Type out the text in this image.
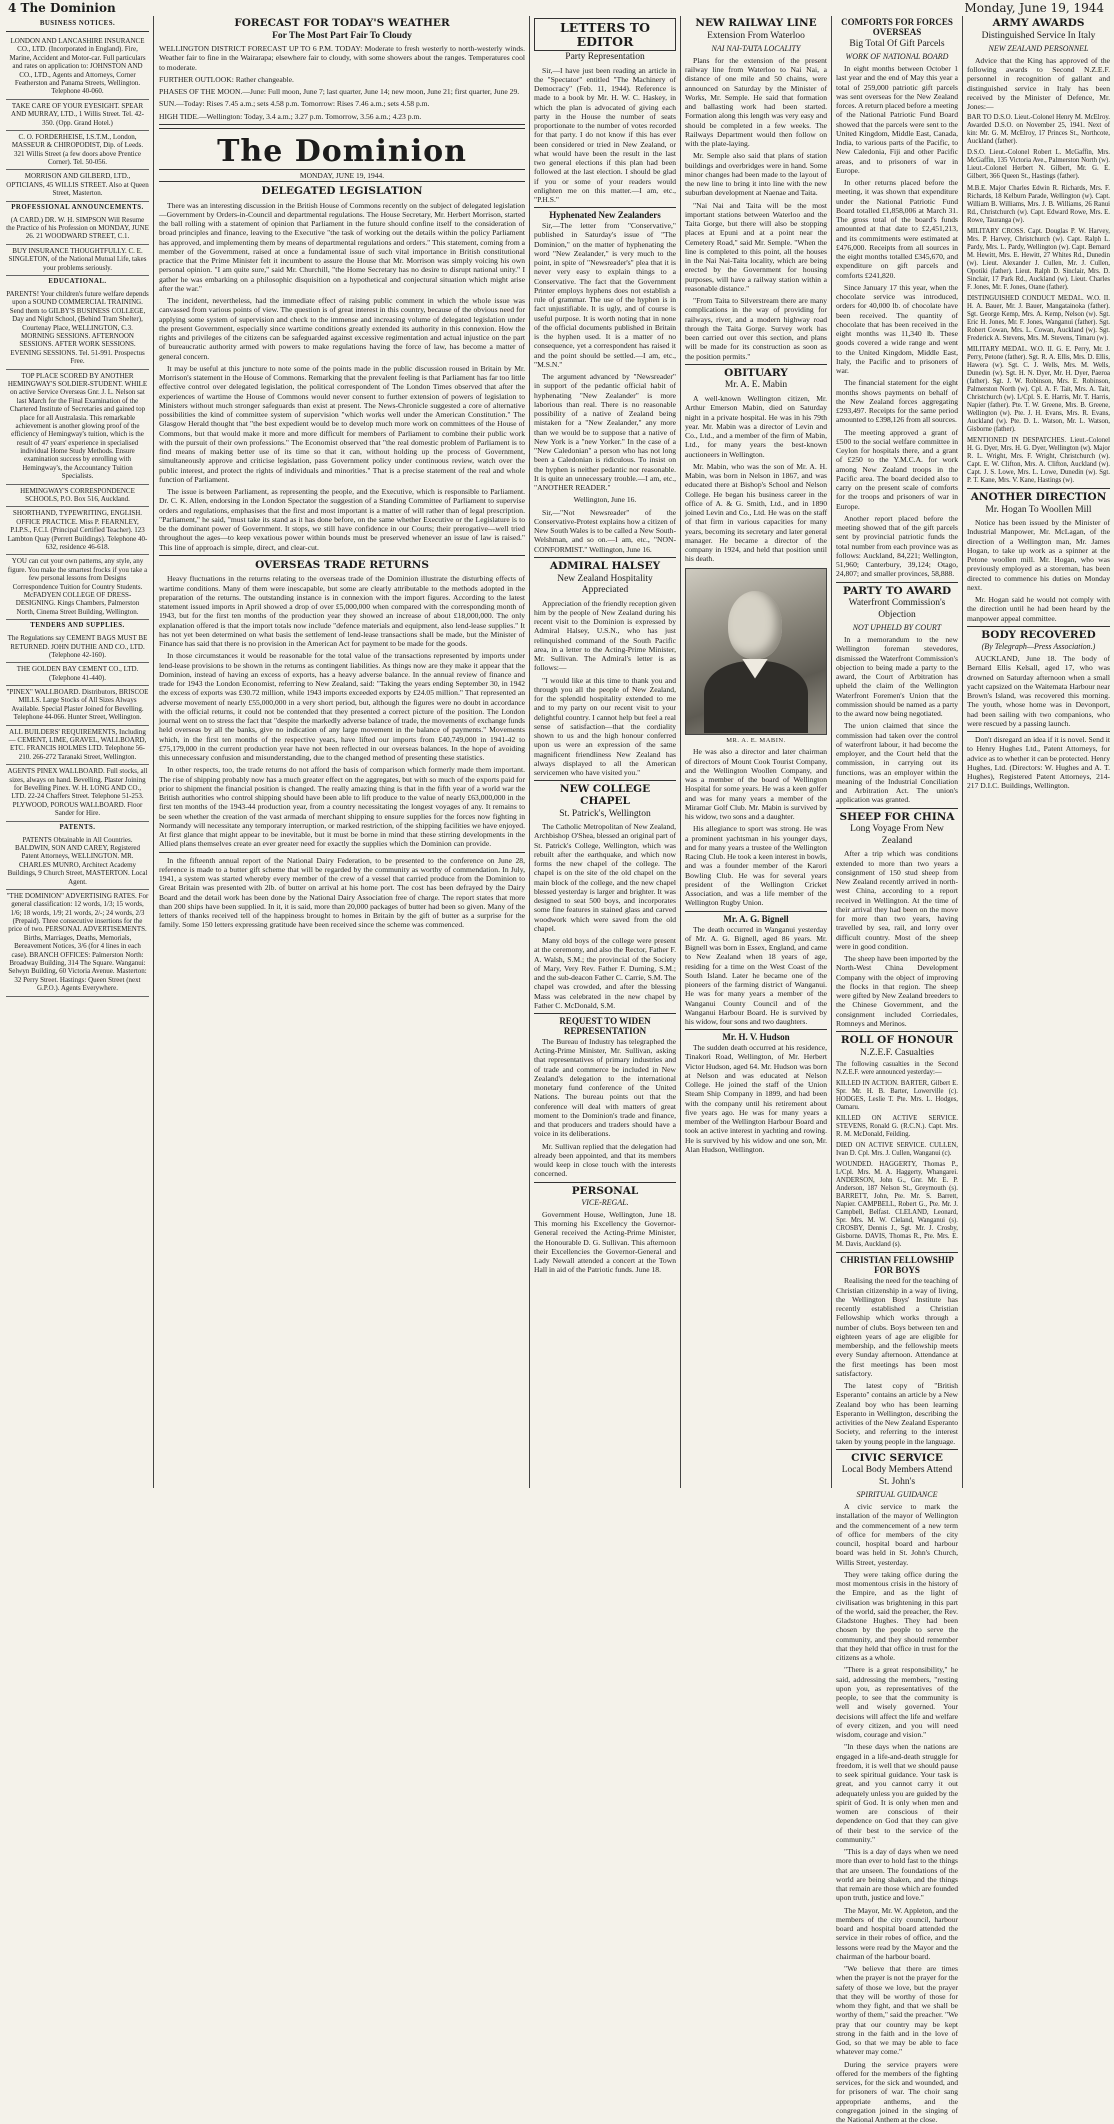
4 The Dominion	Monday, June 19, 1944
BUSINESS NOTICES.
LONDON AND LANCASHIRE INSURANCE CO., LTD. (Incorporated in England). Fire, Marine, Accident and Motor-car. Full particulars and rates on application to: JOHNSTON AND CO., LTD., Agents and Attorneys, Corner Featherston and Panama Streets, Wellington. Telephone 40-060.
TAKE CARE OF YOUR EYESIGHT. SPEAR AND MURRAY, LTD., 1 Willis Street. Tel. 42-350. (Opp. Grand Hotel.)
C. O. FORDERHEISE, I.S.T.M., London, MASSEUR & CHIROPODIST, Dip. of Leeds. 321 Willis Street (a few doors above Prentice Corner). Tel. 50-056.
MORRISON AND GILBERD, LTD., OPTICIANS, 45 WILLIS STREET. Also at Queen Street, Masterton.
PROFESSIONAL ANNOUNCEMENTS.
(A CARD.) DR. W. H. SIMPSON Will Resume the Practice of his Profession on MONDAY, JUNE 26. 21 WOODWARD STREET, C.1.
BUY INSURANCE THOUGHTFULLY. C. E. SINGLETON, of the National Mutual Life, takes your problems seriously.
EDUCATIONAL.
PARENTS! Your children's future welfare depends upon a SOUND COMMERCIAL TRAINING. Send them to GILBY'S BUSINESS COLLEGE, Day and Night School, (Behind Tram Shelter), Courtenay Place, WELLINGTON, C.3. MORNING SESSIONS. AFTERNOON SESSIONS. AFTER WORK SESSIONS. EVENING SESSIONS. Tel. 51-991. Prospectus Free.
TOP PLACE SCORED BY ANOTHER HEMINGWAY'S SOLDIER-STUDENT. WHILE on active Service Overseas Gnr. J. L. Nelson sat last March for the Final Examination of the Chartered Institute of Secretaries and gained top place for all Australasia. This remarkable achievement is another glowing proof of the efficiency of Hemingway's tuition, which is the result of 47 years' experience in specialised individual Home Study Methods. Ensure examination success by enrolling with Hemingway's, the Accountancy Tuition Specialists.
HEMINGWAY'S CORRESPONDENCE SCHOOLS, P.O. Box 516, Auckland.
SHORTHAND, TYPEWRITING, ENGLISH. OFFICE PRACTICE. Miss P. FEARNLEY, P.I.P.S., F.C.I. (Principal Certified Teacher). 123 Lambton Quay (Perrett Buildings). Telephone 40-632, residence 46-618.
YOU can cut your own patterns, any style, any figure. You make the smartest frocks if you take a few personal lessons from Designs Correspondence Tuition for Country Students. McFADYEN COLLEGE OF DRESS-DESIGNING. Kings Chambers, Palmerston North, Cinema Street Building, Wellington.
TENDERS AND SUPPLIES.
The Regulations say CEMENT BAGS MUST BE RETURNED. JOHN DUTHIE AND CO., LTD. (Telephone 42-160).
THE GOLDEN BAY CEMENT CO., LTD. (Telephone 41-440).
"PINEX" WALLBOARD. Distributors, BRISCOE MILLS. Large Stocks of All Sizes Always Available. Special Plaster Joined for Bevelling. Telephone 44-066. Hunter Street, Wellington.
ALL BUILDERS' REQUIREMENTS, Including— CEMENT, LIME, GRAVEL, WALLBOARD, ETC. FRANCIS HOLMES LTD. Telephone 56-210. 266-272 Taranaki Street, Wellington.
AGENTS PINEX WALLBOARD. Full stocks, all sizes, always on hand. Bevelling. Plaster Joining for Bevelling Pinex. W. H. LONG AND CO., LTD. 22-24 Chaffers Street. Telephone 51-253. PLYWOOD, POROUS WALLBOARD. Floor Sander for Hire.
PATENTS.
PATENTS Obtainable in All Countries. BALDWIN, SON AND CAREY, Registered Patent Attorneys, WELLINGTON. MR. CHARLES MUNRO, Architect Academy Buildings, 9 Church Street, MASTERTON. Local Agent.
"THE DOMINION" ADVERTISING RATES. For general classification: 12 words, 1/3; 15 words, 1/6; 18 words, 1/9; 21 words, 2/-; 24 words, 2/3 (Prepaid). Three consecutive insertions for the price of two. PERSONAL ADVERTISEMENTS. Births, Marriages, Deaths, Memorials, Bereavement Notices, 3/6 (for 4 lines in each case). BRANCH OFFICES: Palmerston North: Broadway Building, 314 The Square. Wanganui: Selwyn Building, 60 Victoria Avenue. Masterton: 32 Perry Street. Hastings: Queen Street (next G.P.O.). Agents Everywhere.
FORECAST FOR TODAY'S WEATHER
For The Most Part Fair To Cloudy

WELLINGTON DISTRICT FORECAST UP TO 6 P.M. TODAY: Moderate to fresh westerly to north-westerly winds. Weather fair to fine in the Wairarapa; elsewhere fair to cloudy, with some showers about the ranges. Temperatures cool to moderate.

FURTHER OUTLOOK: Rather changeable.

PHASES OF THE MOON.—June: Full moon, June 7; last quarter, June 14; new moon, June 21; first quarter, June 29.

SUN.—Today: Rises 7.45 a.m.; sets 4.58 p.m. Tomorrow: Rises 7.46 a.m.; sets 4.58 p.m.

HIGH TIDE.—Wellington: Today, 3.4 a.m.; 3.27 p.m. Tomorrow, 3.56 a.m.; 4.23 p.m.

The Dominion
MONDAY, JUNE 19, 1944.
DELEGATED LEGISLATION

There was an interesting discussion in the British House of Commons recently on the subject of delegated legislation—Government by Orders-in-Council and departmental regulations. The House Secretary, Mr. Herbert Morrison, started the ball rolling with a statement of opinion that Parliament in the future should confine itself to the consideration of broad principles and finance, leaving to the Executive "the task of working out the details within the policy Parliament has approved, and implementing them by means of departmental regulations and orders." This statement, coming from a member of the Government, raised at once a fundamental issue of such vital importance in British constitutional practice that the Prime Minister felt it incumbent to assure the House that Mr. Morrison was simply voicing his own personal opinion. "I am quite sure," said Mr. Churchill, "the Home Secretary has no desire to disrupt national unity." I gather he was embarking on a philosophic disquisition on a hypothetical and conjectural situation which might arise after the war."

The incident, nevertheless, had the immediate effect of raising public comment in which the whole issue was canvassed from various points of view. The question is of great interest in this country, because of the obvious need for applying some system of supervision and check to the immense and increasing volume of delegated legislation under the present Government, especially since wartime conditions greatly extended its authority in this connexion. How the rights and privileges of the citizens can be safeguarded against excessive regimentation and actual injustice on the part of bureaucratic authority armed with powers to make regulations having the force of law, has become a matter of general concern.

It may be useful at this juncture to note some of the points made in the public discussion roused in Britain by Mr. Morrison's statement in the House of Commons. Remarking that the prevalent feeling is that Parliament has far too little effective control over delegated legislation, the political correspondent of The London Times observed that after the experiences of wartime the House of Commons would never consent to further extension of powers of legislation to Ministers without much stronger safeguards than exist at present. The News-Chronicle suggested a core of alternative possibilities the kind of committee system of supervision "which works well under the American Constitution." The Glasgow Herald thought that "the best expedient would be to develop much more work on committees of the House of Commons, but that would make it more and more difficult for members of Parliament to combine their public work with the pursuit of their own professions." The Economist observed that "the real domestic problem of Parliament is to find means of making better use of its time so that it can, without holding up the process of Government, simultaneously approve and criticise legislation, pass Government policy under continuous review, watch over the public interest, and protect the rights of individuals and minorities." That is a precise statement of the real and whole function of Parliament.

The issue is between Parliament, as representing the people, and the Executive, which is responsible to Parliament. Dr. C. K. Allen, endorsing in the London Spectator the suggestion of a Standing Committee of Parliament to supervise orders and regulations, emphasises that the first and most important is a matter of will rather than of legal prescription. "Parliament," he said, "must take its stand as it has done before, on the same whether Executive or the Legislature is to be the dominant power of Government. It stops, we still have confidence in our Courts; their prerogative—well tried throughout the ages—to keep vexatious power within bounds must be preserved whenever an issue of law is raised." This line of approach is simple, direct, and clear-cut.

OVERSEAS TRADE RETURNS

Heavy fluctuations in the returns relating to the overseas trade of the Dominion illustrate the disturbing effects of wartime conditions. Many of them were inescapable, but some are clearly attributable to the methods adopted in the preparation of the returns. The outstanding instance is in connexion with the import figures. According to the latest statement issued imports in April showed a drop of over £5,000,000 when compared with the corresponding month of 1943, but for the first ten months of the production year they showed an increase of about £18,000,000. The only explanation offered is that the import totals now include "defence materials and equipment, also lend-lease supplies." It has not yet been determined on what basis the settlement of lend-lease transactions shall be made, but the Minister of Finance has said that there is no provision in the American Act for payment to be made for the goods.

In those circumstances it would be reasonable for the total value of the transactions represented by imports under lend-lease provisions to be shown in the returns as contingent liabilities. As things now are they make it appear that the Dominion, instead of having an excess of exports, has a heavy adverse balance. In the annual review of finance and trade for 1943 the London Economist, referring to New Zealand, said: "Taking the years ending September 30, in 1942 the excess of exports was £30.72 million, while 1943 imports exceeded exports by £24.05 million." That represented an adverse movement of nearly £55,000,000 in a very short period, but, although the figures were no doubt in accordance with the official returns, it could not be contended that they presented a correct picture of the position. The London journal went on to stress the fact that "despite the markedly adverse balance of trade, the movements of exchange funds held overseas by all the banks, give no indication of any large movement in the balance of payments." Movements which, in the first ten months of the respective years, have lifted our imports from £40,749,000 in 1941-42 to £75,179,000 in the current production year have not been reflected in our overseas balances. In the hope of avoiding this unnecessary confusion and misunderstanding, due to the changed method of presenting these statistics.

In other respects, too, the trade returns do not afford the basis of comparison which formerly made them important. The rise of shipping probably now has a much greater effect on the aggregates, but with so much of the exports paid for prior to shipment the financial position is changed. The really amazing thing is that in the fifth year of a world war the British authorities who control shipping should have been able to lift produce to the value of nearly £63,000,000 in the first ten months of the 1943-44 production year, from a country necessitating the longest voyages of any. It remains to be seen whether the creation of the vast armada of merchant shipping to ensure supplies for the forces now fighting in Normandy will necessitate any temporary interruption, or marked restriction, of the shipping facilities we have enjoyed. At first glance that might appear to be inevitable, but it must be borne in mind that these stirring developments in the Allied plans themselves create an ever greater need for exactly the supplies which the Dominion can provide.

In the fifteenth annual report of the National Dairy Federation, to be presented to the conference on June 28, reference is made to a butter gift scheme that will be regarded by the community as worthy of commendation. In July, 1941, a system was started whereby every member of the crew of a vessel that carried produce from the Dominion to Great Britain was presented with 2lb. of butter on arrival at his home port. The cost has been defrayed by the Dairy Board and the detail work has been done by the National Dairy Association free of charge. The report states that more than 200 ships have been supplied. In it, it is said, more than 20,000 packages of butter had been so given. Many of the letters of thanks received tell of the happiness brought to homes in Britain by the gift of butter as a surprise for the family. Some 150 letters expressing gratitude have been received since the scheme was commenced.

LETTERS TO EDITOR
Party Representation

Sir,—I have just been reading an article in the "Spectator" entitled "The Machinery of Democracy" (Feb. 11, 1944). Reference is made to a book by Mr. H. W. C. Haskey, in which the plan is advocated of giving each party in the House the number of seats proportionate to the number of votes recorded for that party. I do not know if this has ever been considered or tried in New Zealand, or what would have been the result in the last two general elections if this plan had been followed at the last election. I should be glad if you or some of your readers would enlighten me on this matter.—I am, etc., "P.H.S."

Hyphenated New Zealanders

Sir,—The letter from "Conservative," published in Saturday's issue of "The Dominion," on the matter of hyphenating the word "New Zealander," is very much to the point, in spite of "Newsreader's" plea that it is never very easy to explain things to a Conservative. The fact that the Government Printer employs hyphens does not establish a rule of grammar. The use of the hyphen is in fact unjustifiable. It is ugly, and of course is useful purpose. It is worth noting that in none of the official documents published in Britain is the hyphen used. It is a matter of no consequence, yet a correspondent has raised it and the point should be settled.—I am, etc., "M.S.N."

The argument advanced by "Newsreader" in support of the pedantic official habit of hyphenating "New Zealander" is more laborious than real. There is no reasonable possibility of a native of Zealand being mistaken for a "New Zealander," any more than we would be to suppose that a native of New York is a "new Yorker." In the case of a "New Caledonian" a person who has not long been a Caledonian is ridiculous. To insist on the hyphen is neither pedantic nor reasonable. It is quite an unnecessary trouble.—I am, etc., "ANOTHER READER."

Wellington, June 16.

Sir,—"Not Newsreader" of the Conservative-Protest explains how a citizen of New South Wales is to be called a New South-Welshman, and so on.—I am, etc., "NON-CONFORMIST." Wellington, June 16.

ADMIRAL HALSEY
New Zealand Hospitality Appreciated

Appreciation of the friendly reception given him by the people of New Zealand during his recent visit to the Dominion is expressed by Admiral Halsey, U.S.N., who has just relinquished command of the South Pacific area, in a letter to the Acting-Prime Minister, Mr. Sullivan. The Admiral's letter is as follows:—

"I would like at this time to thank you and through you all the people of New Zealand, for the splendid hospitality extended to me and to my party on our recent visit to your delightful country. I cannot help but feel a real sense of satisfaction—that the cordiality shown to us and the high honour conferred upon us were an expression of the same magnificent friendliness New Zealand has always displayed to all the American servicemen who have visited you."

NEW COLLEGE CHAPEL
St. Patrick's, Wellington

The Catholic Metropolitan of New Zealand, Archbishop O'Shea, blessed an original part of St. Patrick's College, Wellington, which was rebuilt after the earthquake, and which now forms the new chapel of the college. The chapel is on the site of the old chapel on the main block of the college, and the new chapel blessed yesterday is larger and brighter. It was designed to seat 500 boys, and incorporates some fine features in stained glass and carved woodwork which were saved from the old chapel.

Many old boys of the college were present at the ceremony, and also the Rector, Father F. A. Walsh, S.M.; the provincial of the Society of Mary, Very Rev. Father F. Durning, S.M.; and the sub-deacon Father C. Carrie, S.M. The chapel was crowded, and after the blessing Mass was celebrated in the new chapel by Father C. McDonald, S.M.

REQUEST TO WIDEN REPRESENTATION

The Bureau of Industry has telegraphed the Acting-Prime Minister, Mr. Sullivan, asking that representatives of primary industries and of trade and commerce be included in New Zealand's delegation to the international monetary fund conference of the United Nations. The bureau points out that the conference will deal with matters of great moment to the Dominion's trade and finance, and that producers and traders should have a voice in its deliberations.

Mr. Sullivan replied that the delegation had already been appointed, and that its members would keep in close touch with the interests concerned.

PERSONAL
VICE-REGAL.

Government House, Wellington, June 18. This morning his Excellency the Governor-General received the Acting-Prime Minister, the Honourable D. G. Sullivan. This afternoon their Excellencies the Governor-General and Lady Newall attended a concert at the Town Hall in aid of the Patriotic funds. June 18.

NEW RAILWAY LINE
Extension From Waterloo
NAI NAI-TAITA LOCALITY

Plans for the extension of the present railway line from Waterloo to Nai Nai, a distance of one mile and 50 chains, were announced on Saturday by the Minister of Works, Mr. Semple. He said that formation and ballasting work had been started. Formation along this length was very easy and should be completed in a few weeks. The Railways Department would then follow on with the plate-laying.

Mr. Semple also said that plans of station buildings and overbridges were in hand. Some minor changes had been made to the layout of the new line to bring it into line with the new suburban development at Naenae and Taita.

"Nai Nai and Taita will be the most important stations between Waterloo and the Taita Gorge, but there will also be stopping places at Epuni and at a point near the Cemetery Road," said Mr. Semple. "When the line is completed to this point, all the houses in the Nai Nai-Taita locality, which are being erected by the Government for housing purposes, will have a railway station within a reasonable distance."

"From Taita to Silverstream there are many complications in the way of providing for railways, river, and a modern highway road through the Taita Gorge. Survey work has been carried out over this section, and plans will be made for its construction as soon as the position permits."

OBITUARY
Mr. A. E. Mabin

A well-known Wellington citizen, Mr. Arthur Emerson Mabin, died on Saturday night in a private hospital. He was in his 79th year. Mr. Mabin was a director of Levin and Co., Ltd., and a member of the firm of Mabin, Ltd., for many years the best-known auctioneers in Wellington.

Mr. Mabin, who was the son of Mr. A. H. Mabin, was born in Nelson in 1867, and was educated there at Bishop's School and Nelson College. He began his business career in the office of A. & G. Smith, Ltd., and in 1890 joined Levin and Co., Ltd. He was on the staff of that firm in various capacities for many years, becoming its secretary and later general manager. He became a director of the company in 1924, and held that position until his death.

MR. A. E. MABIN.

He was also a director and later chairman of directors of Mount Cook Tourist Company, and the Wellington Woollen Company, and was a member of the board of Wellington Hospital for some years. He was a keen golfer and was for many years a member of the Miramar Golf Club. Mr. Mabin is survived by his widow, two sons and a daughter.

His allegiance to sport was strong. He was a prominent yachtsman in his younger days, and for many years a trustee of the Wellington Racing Club. He took a keen interest in bowls, and was a founder member of the Karori Bowling Club. He was for several years president of the Wellington Cricket Association, and was a life member of the Wellington Rugby Union.

Mr. A. G. Bignell

The death occurred in Wanganui yesterday of Mr. A. G. Bignell, aged 86 years. Mr. Bignell was born in Essex, England, and came to New Zealand when 18 years of age, residing for a time on the West Coast of the South Island. Later he became one of the pioneers of the farming district of Wanganui. He was for many years a member of the Wanganui County Council and of the Wanganui Harbour Board. He is survived by his widow, four sons and two daughters.

Mr. H. V. Hudson

The sudden death occurred at his residence, Tinakori Road, Wellington, of Mr. Herbert Victor Hudson, aged 64. Mr. Hudson was born at Nelson and was educated at Nelson College. He joined the staff of the Union Steam Ship Company in 1899, and had been with the company until his retirement about five years ago. He was for many years a member of the Wellington Harbour Board and took an active interest in yachting and rowing. He is survived by his widow and one son, Mr. Alan Hudson, Wellington.

COMFORTS FOR FORCES OVERSEAS
Big Total Of Gift Parcels
WORK OF NATIONAL BOARD

In eight months between October 1 last year and the end of May this year a total of 259,000 patriotic gift parcels was sent overseas for the New Zealand forces. A return placed before a meeting of the National Patriotic Fund Board showed that the parcels were sent to the United Kingdom, Middle East, Canada, India, to various parts of the Pacific, to New Caledonia, Fiji and other Pacific areas, and to prisoners of war in Europe.

In other returns placed before the meeting, it was shown that expenditure under the National Patriotic Fund Board totalled £1,858,006 at March 31. The gross total of the board's funds amounted at that date to £2,451,213, and its commitments were estimated at £476,000. Receipts from all sources in the eight months totalled £345,670, and expenditure on gift parcels and comforts £241,820.

Since January 17 this year, when the chocolate service was introduced, orders for 40,000 lb. of chocolate have been received. The quantity of chocolate that has been received in the eight months was 11,340 lb. These goods covered a wide range and went to the United Kingdom, Middle East, Italy, the Pacific and to prisoners of war.

The financial statement for the eight months shows payments on behalf of the New Zealand forces aggregating £293,497. Receipts for the same period amounted to £398,126 from all sources.

The meeting approved a grant of £500 to the social welfare committee in Ceylon for hospitals there, and a grant of £250 to the Y.M.C.A. for work among New Zealand troops in the Pacific area. The board decided also to carry on the present scale of comforts for the troops and prisoners of war in Europe.

Another report placed before the meeting showed that of the gift parcels sent by provincial patriotic funds the total number from each province was as follows: Auckland, 84,221; Wellington, 51,960; Canterbury, 39,124; Otago, 24,807; and smaller provinces, 58,888.

PARTY TO AWARD
Waterfront Commission's Objection
NOT UPHELD BY COURT

In a memorandum to the new Wellington foreman stevedores, dismissed the Waterfront Commission's objection to being made a party to the award, the Court of Arbitration has upheld the claim of the Wellington Waterfront Foremen's Union that the commission should be named as a party to the award now being negotiated.

The union claimed that since the commission had taken over the control of waterfront labour, it had become the employer, and the Court held that the commission, in carrying out its functions, was an employer within the meaning of the Industrial Conciliation and Arbitration Act. The union's application was granted.

SHEEP FOR CHINA
Long Voyage From New Zealand

After a trip which was conditions extended to more than two years a consignment of 150 stud sheep from New Zealand recently arrived in north-west China, according to a report received in Wellington. At the time of their arrival they had been on the move for more than two years, having travelled by sea, rail, and lorry over difficult country. Most of the sheep were in good condition.

The sheep have been imported by the North-West China Development Company with the object of improving the flocks in that region. The sheep were gifted by New Zealand breeders to the Chinese Government, and the consignment included Corriedales, Romneys and Merinos.

ROLL OF HONOUR
N.Z.E.F. Casualties

The following casualties in the Second N.Z.E.F. were announced yesterday:—

KILLED IN ACTION. BARTER, Gilbert E. Spr. Mr. H. B. Barter, Lowerville (c). HODGES, Leslie T. Pte. Mrs. L. Hodges, Oamaru.

KILLED ON ACTIVE SERVICE. STEVENS, Ronald G. (R.C.N.). Capt. Mrs. R. M. McDonald, Feilding.

DIED ON ACTIVE SERVICE. CULLEN, Ivan D. Cpl. Mrs. J. Cullen, Wanganui (c).

WOUNDED. HAGGERTY, Thomas P., L/Cpl. Mrs. M. A. Haggerty, Whangarei. ANDERSON, John G., Gnr. Mr. E. P. Anderson, 187 Nelson St., Greymouth (s). BARRETT, John, Pte. Mr. S. Barrett, Napier. CAMPBELL, Robert G., Pte. Mr. J. Campbell, Belfast. CLELAND, Leonard, Spr. Mrs. M. W. Cleland, Wanganui (s). CROSBY, Dennis J., Sgt. Mr. J. Crosby, Gisborne. DAVIS, Thomas R., Pte. Mrs. E. M. Davis, Auckland (s).

CHRISTIAN FELLOWSHIP FOR BOYS

Realising the need for the teaching of Christian citizenship in a way of living, the Wellington Boys' Institute has recently established a Christian Fellowship which works through a number of clubs. Boys between ten and eighteen years of age are eligible for membership, and the fellowship meets every Sunday afternoon. Attendance at the first meetings has been most satisfactory.

The latest copy of "British Esperanto" contains an article by a New Zealand boy who has been learning Esperanto in Wellington, describing the activities of the New Zealand Esperanto Society, and referring to the interest taken by young people in the language.

CIVIC SERVICE
Local Body Members Attend St. John's
SPIRITUAL GUIDANCE

A civic service to mark the installation of the mayor of Wellington and the commencement of a new term of office for members of the city council, hospital board and harbour board was held in St. John's Church, Willis Street, yesterday.

They were taking office during the most momentous crisis in the history of the Empire, and as the light of civilisation was brightening in this part of the world, said the preacher, the Rev. Gladstone Hughes. They had been chosen by the people to serve the community, and they should remember that they held that office in trust for the citizens as a whole.

"There is a great responsibility," he said, addressing the members, "resting upon you, as representatives of the people, to see that the community is well and wisely governed. Your decisions will affect the life and welfare of every citizen, and you will need wisdom, courage and vision."

"In these days when the nations are engaged in a life-and-death struggle for freedom, it is well that we should pause to seek spiritual guidance. Your task is great, and you cannot carry it out adequately unless you are guided by the spirit of God. It is only when men and women are conscious of their dependence on God that they can give of their best to the service of the community."

"This is a day of days when we need more than ever to hold fast to the things that are unseen. The foundations of the world are being shaken, and the things that remain are those which are founded upon truth, justice and love."

The Mayor, Mr. W. Appleton, and the members of the city council, harbour board and hospital board attended the service in their robes of office, and the lessons were read by the Mayor and the chairman of the harbour board.

"We believe that there are times when the prayer is not the prayer for the safety of those we love, but the prayer that they will be worthy of those for whom they fight, and that we shall be worthy of them," said the preacher. "We pray that our country may be kept strong in the faith and in the love of God, so that we may be able to face whatever may come."

During the service prayers were offered for the members of the fighting services, for the sick and wounded, and for prisoners of war. The choir sang appropriate anthems, and the congregation joined in the singing of the National Anthem at the close.

ARMY AWARDS
Distinguished Service In Italy
NEW ZEALAND PERSONNEL

Advice that the King has approved of the following awards to Second N.Z.E.F. personnel in recognition of gallant and distinguished service in Italy has been received by the Minister of Defence, Mr. Jones:—

BAR TO D.S.O. Lieut.-Colonel Henry M. McElroy. Awarded D.S.O. on November 25, 1941. Next of kin: Mr. G. M. McElroy, 17 Princes St., Northcote, Auckland (father).

D.S.O. Lieut.-Colonel Robert L. McGaffin, Mrs. McGaffin, 135 Victoria Ave., Palmerston North (w). Lieut.-Colonel Herbert N. Gilbert, Mr. G. E. Gilbert, 366 Queen St., Hastings (father).

M.B.E. Major Charles Edwin R. Richards, Mrs. F. Richards, 18 Kelburn Parade, Wellington (w). Capt. William B. Williams, Mrs. J. B. Williams, 26 Ranui Rd., Christchurch (w). Capt. Edward Rowe, Mrs. E. Rowe, Tauranga (w).

MILITARY CROSS. Capt. Douglas P. W. Harvey, Mrs. P. Harvey, Christchurch (w). Capt. Ralph L. Pardy, Mrs. L. Pardy, Wellington (w). Capt. Bernard M. Hewitt, Mrs. E. Hewitt, 27 Whites Rd., Dunedin (w). Lieut. Alexander J. Cullen, Mr. J. Cullen, Opotiki (father). Lieut. Ralph D. Sinclair, Mrs. D. Sinclair, 17 Park Rd., Auckland (w). Lieut. Charles F. Jones, Mr. F. Jones, Otane (father).

DISTINGUISHED CONDUCT MEDAL. W.O. II. H. A. Bauer, Mr. J. Bauer, Mangatainoka (father). Sgt. George Kemp, Mrs. A. Kemp, Nelson (w). Sgt. Eric H. Jones, Mr. F. Jones, Wanganui (father). Sgt. Robert Cowan, Mrs. L. Cowan, Auckland (w). Sgt. Frederick A. Stevens, Mrs. M. Stevens, Timaru (w).

MILITARY MEDAL. W.O. II. G. E. Perry, Mr. J. Perry, Petone (father). Sgt. R. A. Ellis, Mrs. D. Ellis, Hawera (w). Sgt. C. J. Wells, Mrs. M. Wells, Dunedin (w). Sgt. H. N. Dyer, Mr. H. Dyer, Paeroa (father). Sgt. J. W. Robinson, Mrs. E. Robinson, Palmerston North (w). Cpl. A. F. Tait, Mrs. A. Tait, Christchurch (w). L/Cpl. S. E. Harris, Mr. T. Harris, Napier (father). Pte. T. W. Greene, Mrs. B. Greene, Wellington (w). Pte. J. H. Evans, Mrs. R. Evans, Auckland (w). Pte. D. L. Watson, Mr. L. Watson, Gisborne (father).

MENTIONED IN DESPATCHES. Lieut.-Colonel H. G. Dyer, Mrs. H. G. Dyer, Wellington (w). Major R. L. Wright, Mrs. F. Wright, Christchurch (w). Capt. E. W. Clifton, Mrs. A. Clifton, Auckland (w). Capt. J. S. Lowe, Mrs. L. Lowe, Dunedin (w). Sgt. P. T. Kane, Mrs. V. Kane, Hastings (w).

ANOTHER DIRECTION
Mr. Hogan To Woollen Mill

Notice has been issued by the Minister of Industrial Manpower, Mr. McLagan, of the direction of a Wellington man, Mr. James Hogan, to take up work as a spinner at the Petone woollen mill. Mr. Hogan, who was previously employed as a storeman, has been directed to commence his duties on Monday next.

Mr. Hogan said he would not comply with the direction until he had been heard by the manpower appeal committee.

BODY RECOVERED
(By Telegraph—Press Association.)

AUCKLAND, June 18. The body of Bernard Ellis Kelsall, aged 17, who was drowned on Saturday afternoon when a small yacht capsized on the Waitemata Harbour near Brown's Island, was recovered this morning. The youth, whose home was in Devonport, had been sailing with two companions, who were rescued by a passing launch.

Don't disregard an idea if it is novel. Send it to Henry Hughes Ltd., Patent Attorneys, for advice as to whether it can be protected. Henry Hughes, Ltd. (Directors: W. Hughes and A. T. Hughes), Registered Patent Attorneys, 214-217 D.I.C. Buildings, Wellington.
